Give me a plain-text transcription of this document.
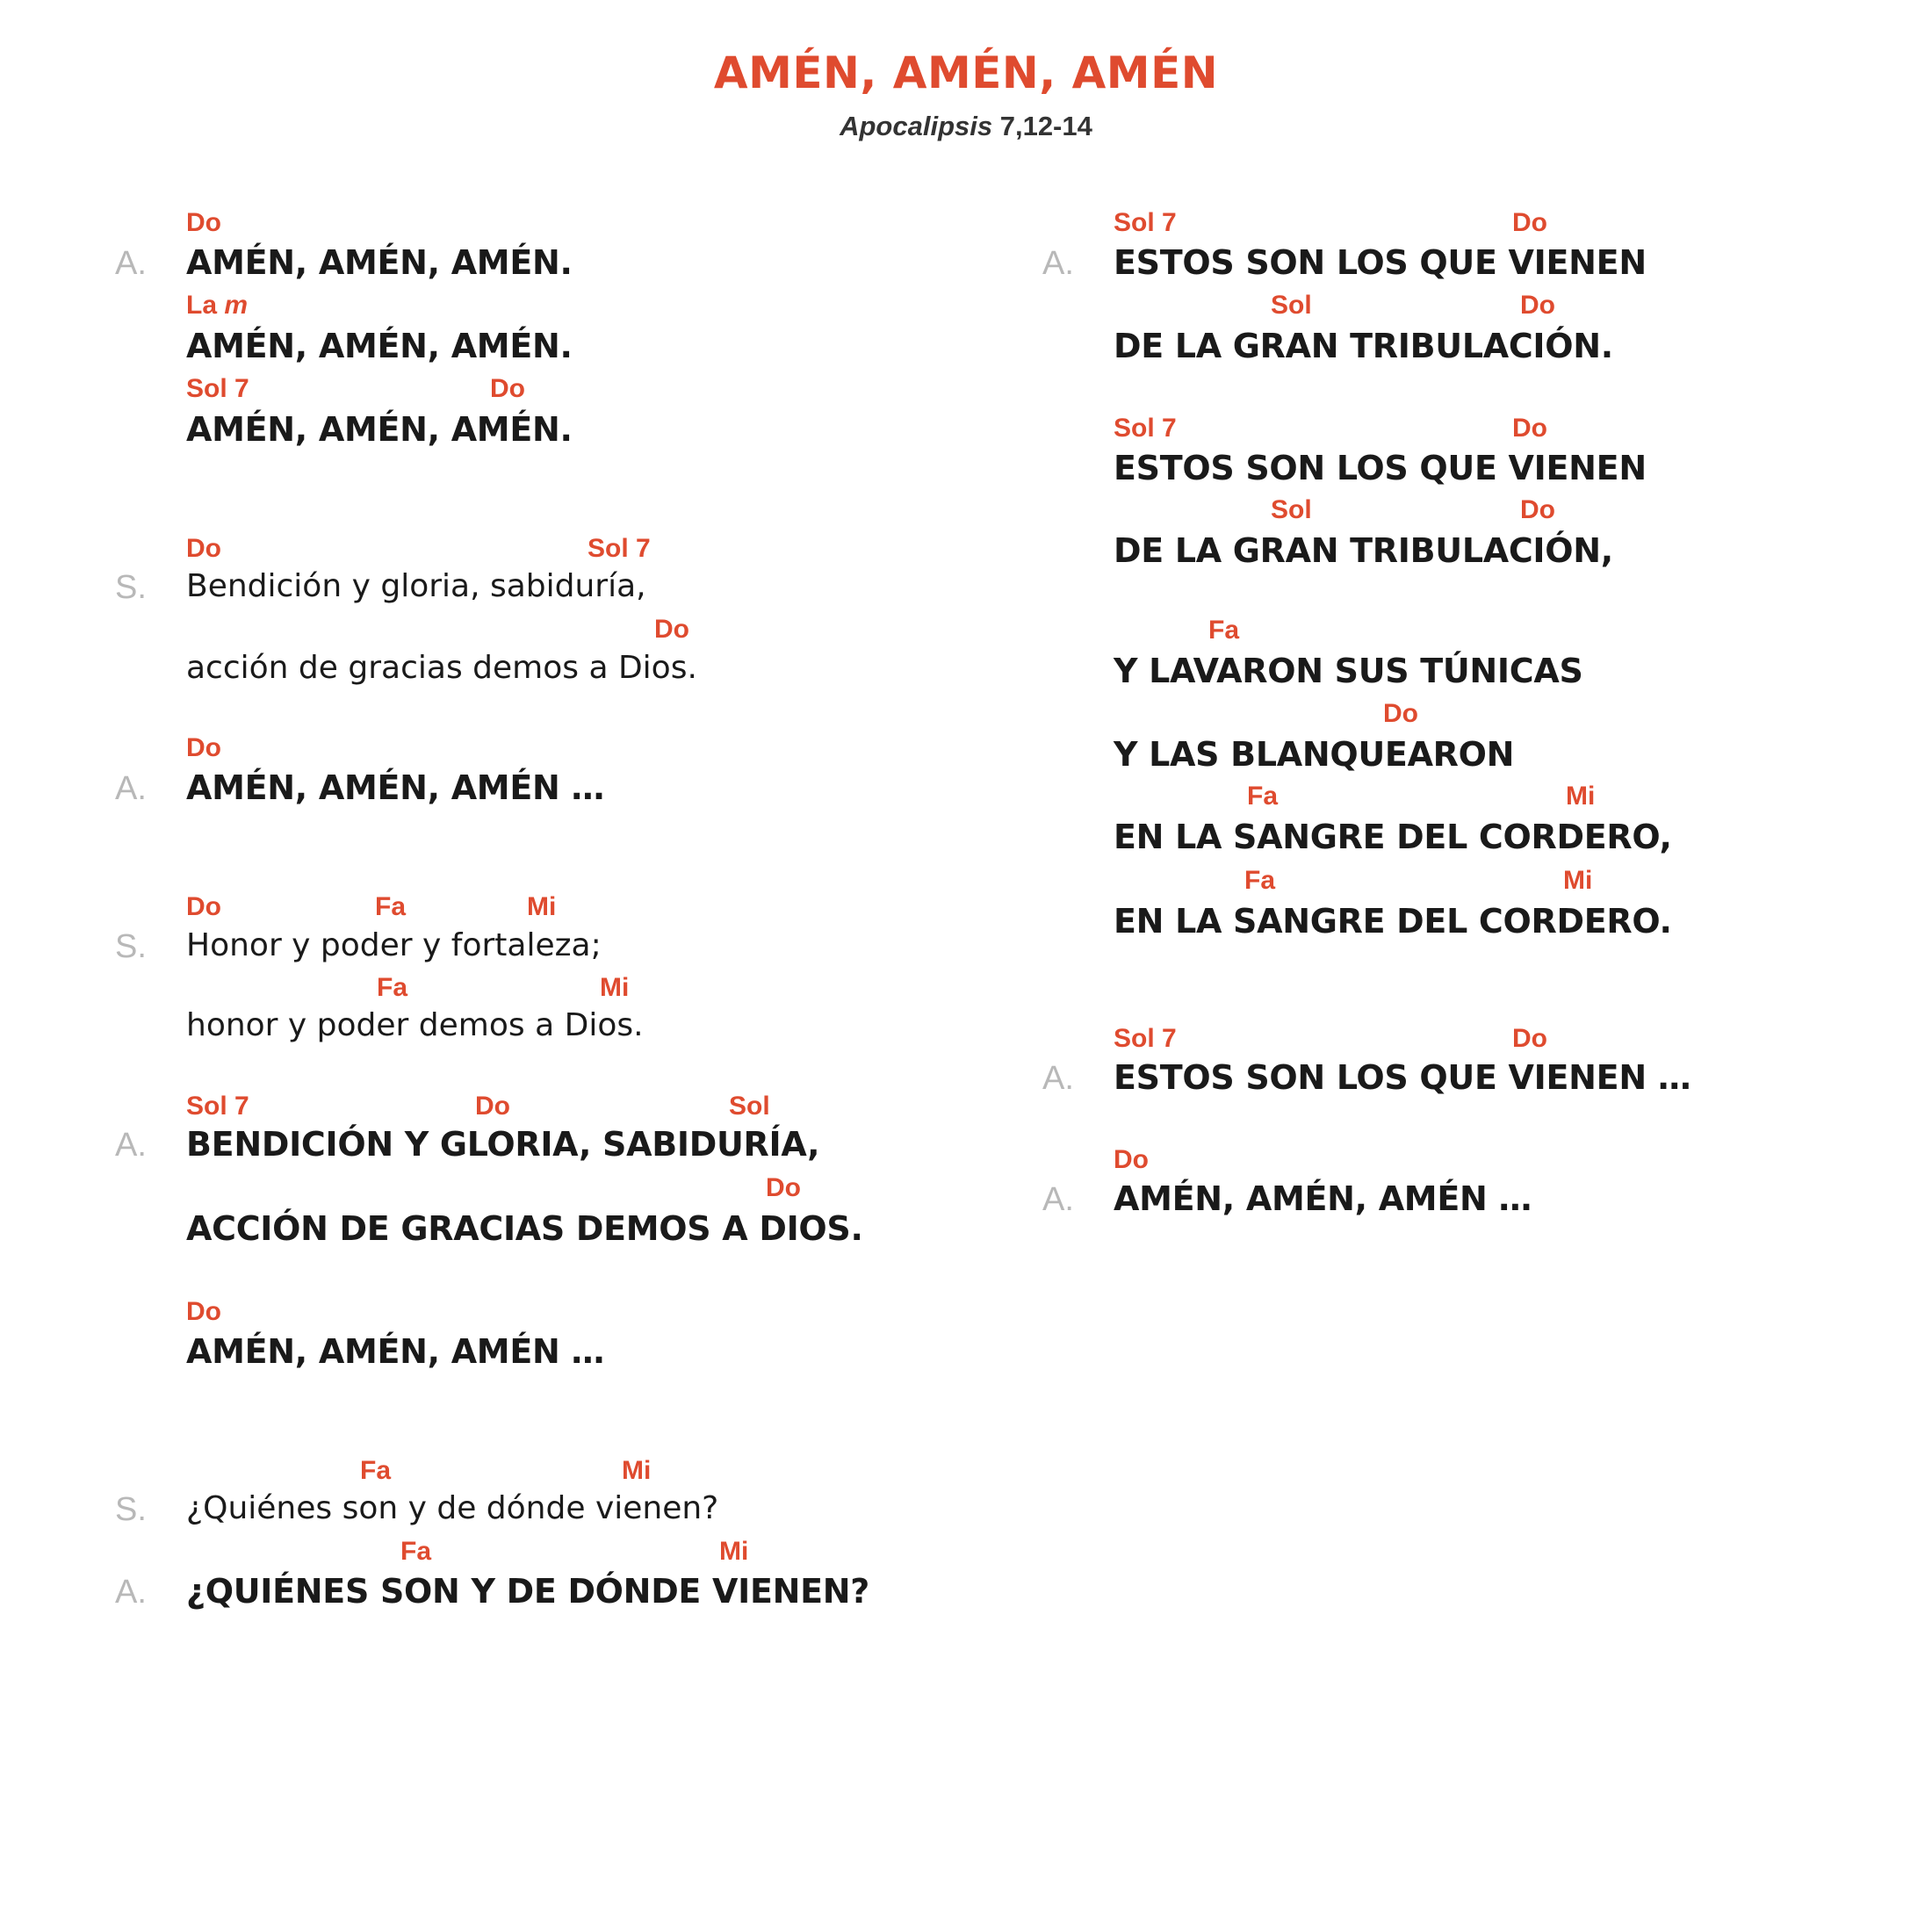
AMÉN, AMÉN, AMÉN
Apocalipsis 7,12-14
Do
A. AMÉN, AMÉN, AMÉN.
La m
AMÉN, AMÉN, AMÉN.
Sol 7	Do
AMÉN, AMÉN, AMÉN.
Do	Sol 7
S. Bendición y gloria, sabiduría,
Do
acción de gracias demos a Dios.
Do
A. AMÉN, AMÉN, AMÉN …
Do	Fa	Mi
S. Honor y poder y fortaleza;
Fa	Mi
honor y poder demos a Dios.
Sol 7	Do	Sol
A. BENDICIÓN Y GLORIA, SABIDURÍA,
Do
ACCIÓN DE GRACIAS DEMOS A DIOS.
Do
AMÉN, AMÉN, AMÉN …
Fa	Mi
S. ¿Quiénes son y de dónde vienen?
Fa	Mi
A. ¿QUIÉNES SON Y DE DÓNDE VIENEN?
Sol 7	Do
A. ESTOS SON LOS QUE VIENEN
Sol	Do
DE LA GRAN TRIBULACIÓN.
Sol 7	Do
ESTOS SON LOS QUE VIENEN
Sol	Do
DE LA GRAN TRIBULACIÓN,
Fa
Y LAVARON SUS TÚNICAS
Do
Y LAS BLANQUEARON
Fa	Mi
EN LA SANGRE DEL CORDERO,
Fa	Mi
EN LA SANGRE DEL CORDERO.
Sol 7	Do
A. ESTOS SON LOS QUE VIENEN …
Do
A. AMÉN, AMÉN, AMÉN …
